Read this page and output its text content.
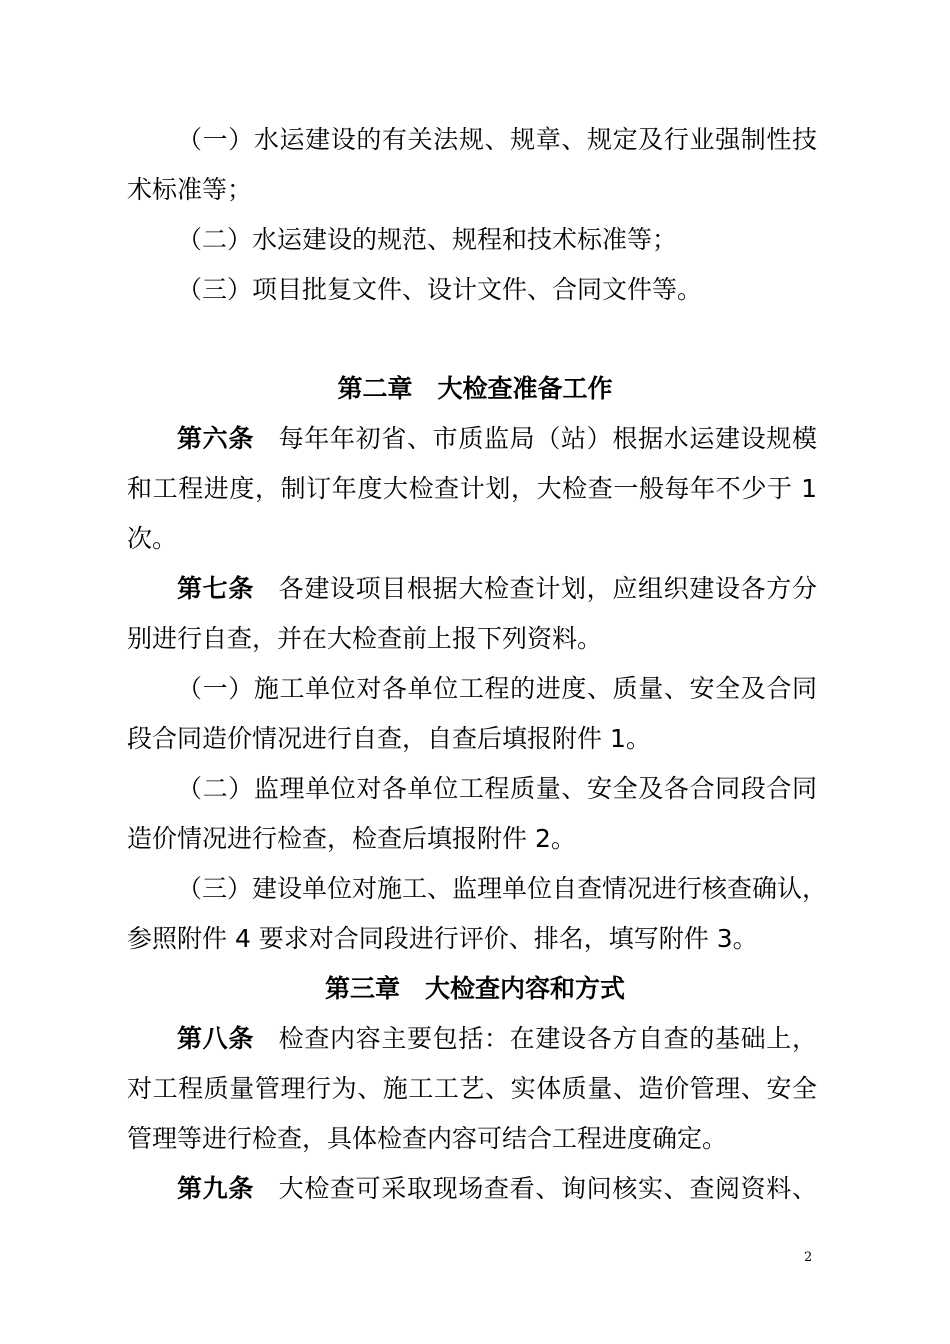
（一）水运建设的有关法规、规章、规定及行业强制性技
术标准等；
（二）水运建设的规范、规程和技术标准等；
（三）项目批复文件、设计文件、合同文件等。
第二章　大检查准备工作
第六条 每年年初省、市质监局（站）根据水运建设规模
和工程进度，制订年度大检查计划，大检查一般每年不少于 1
次。
第七条 各建设项目根据大检查计划，应组织建设各方分
别进行自查，并在大检查前上报下列资料。
（一）施工单位对各单位工程的进度、质量、安全及合同
段合同造价情况进行自查，自查后填报附件 1。
（二）监理单位对各单位工程质量、安全及各合同段合同
造价情况进行检查，检查后填报附件 2。
（三）建设单位对施工、监理单位自查情况进行核查确认，
参照附件 4 要求对合同段进行评价、排名，填写附件 3。
第三章　大检查内容和方式
第八条 检查内容主要包括：在建设各方自查的基础上，
对工程质量管理行为、施工工艺、实体质量、造价管理、安全
管理等进行检查，具体检查内容可结合工程进度确定。
第九条 大检查可采取现场查看、询问核实、查阅资料、
2
